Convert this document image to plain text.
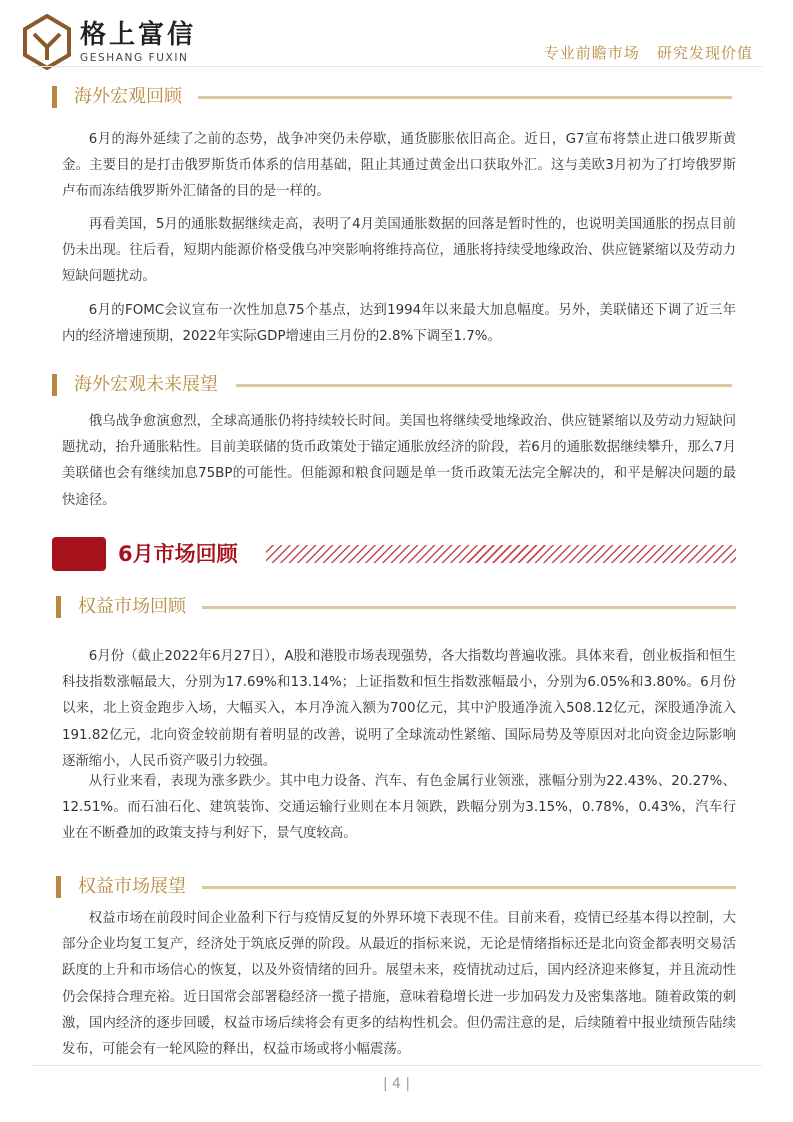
格上富信
GESHANG FUXIN	专业前瞻市场   研究发现价值
海外宏观回顾

6月的海外延续了之前的态势，战争冲突仍未停歇，通货膨胀依旧高企。近日，G7宣布将禁止进口俄罗斯黄金。主要目的是打击俄罗斯货币体系的信用基础，阻止其通过黄金出口获取外汇。这与美欧3月初为了打垮俄罗斯卢布而冻结俄罗斯外汇储备的目的是一样的。

再看美国，5月的通胀数据继续走高，表明了4月美国通胀数据的回落是暂时性的，也说明美国通胀的拐点目前仍未出现。往后看，短期内能源价格受俄乌冲突影响将维持高位，通胀将持续受地缘政治、供应链紧缩以及劳动力短缺问题扰动。

6月的FOMC会议宣布一次性加息75个基点，达到1994年以来最大加息幅度。另外，美联储还下调了近三年内的经济增速预期，2022年实际GDP增速由三月份的2.8%下调至1.7%。

海外宏观未来展望

俄乌战争愈演愈烈，全球高通胀仍将持续较长时间。美国也将继续受地缘政治、供应链紧缩以及劳动力短缺问题扰动，抬升通胀粘性。目前美联储的货币政策处于锚定通胀放经济的阶段，若6月的通胀数据继续攀升，那么7月美联储也会有继续加息75BP的可能性。但能源和粮食问题是单一货币政策无法完全解决的，和平是解决问题的最快途径。

6月市场回顾
权益市场回顾

6月份（截止2022年6月27日），A股和港股市场表现强势，各大指数均普遍收涨。具体来看，创业板指和恒生科技指数涨幅最大，分别为17.69%和13.14%；上证指数和恒生指数涨幅最小，分别为6.05%和3.80%。6月份以来，北上资金跑步入场，大幅买入，本月净流入额为700亿元，其中沪股通净流入508.12亿元，深股通净流入191.82亿元，北向资金较前期有着明显的改善，说明了全球流动性紧缩、国际局势及等原因对北向资金边际影响逐渐缩小，人民币资产吸引力较强。

从行业来看，表现为涨多跌少。其中电力设备、汽车、有色金属行业领涨，涨幅分别为22.43%、20.27%、12.51%。而石油石化、建筑装饰、交通运输行业则在本月领跌，跌幅分别为3.15%，0.78%，0.43%，汽车行业在不断叠加的政策支持与利好下，景气度较高。

权益市场展望

权益市场在前段时间企业盈利下行与疫情反复的外界环境下表现不佳。目前来看，疫情已经基本得以控制，大部分企业均复工复产，经济处于筑底反弹的阶段。从最近的指标来说，无论是情绪指标还是北向资金都表明交易活跃度的上升和市场信心的恢复，以及外资情绪的回升。展望未来，疫情扰动过后，国内经济迎来修复，并且流动性仍会保持合理充裕。近日国常会部署稳经济一揽子措施，意味着稳增长进一步加码发力及密集落地。随着政策的刺激，国内经济的逐步回暖，权益市场后续将会有更多的结构性机会。但仍需注意的是，后续随着中报业绩预告陆续发布，可能会有一轮风险的释出，权益市场或将小幅震荡。

| 4 |
